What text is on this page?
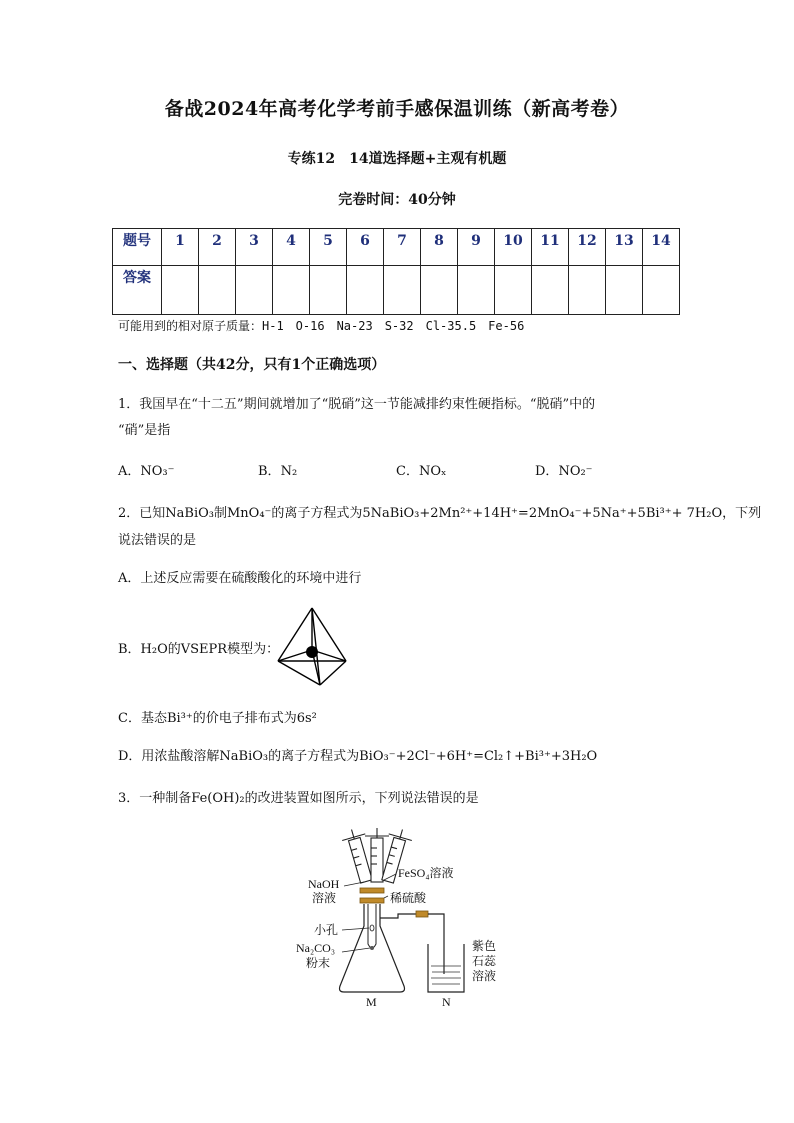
备战2024年高考化学考前手感保温训练（新高考卷）
专练12　14道选择题+主观有机题
完卷时间：40分钟
题号	1	2	3	4	5	6	7	8	9	10	11	12	13	14
答案														
可能用到的相对原子质量：H-1　O-16　Na-23　S-32　Cl-35.5　Fe-56
一、选择题（共42分，只有1个正确选项）
1．我国早在“十二五”期间就增加了“脱硝”这一节能减排约束性硬指标。“脱硝”中的
“硝”是指
A．NO₃⁻	B．N₂	C．NOₓ	D．NO₂⁻
2．已知NaBiO₃制MnO₄⁻的离子方程式为5NaBiO₃+2Mn²⁺+14H⁺=2MnO₄⁻+5Na⁺+5Bi³⁺+ 7H₂O，下列
说法错误的是
A．上述反应需要在硫酸酸化的环境中进行
B．H₂O的VSEPR模型为：
C．基态Bi³⁺的价电子排布式为6s²
D．用浓盐酸溶解NaBiO₃的离子方程式为BiO₃⁻+2Cl⁻+6H⁺=Cl₂↑+Bi³⁺+3H₂O
3．一种制备Fe(OH)₂的改进装置如图所示，下列说法错误的是
FeSO₄溶液
NaOH
溶液	稀硫酸
小孔
Na₂CO₃
粉末
紫色
石蕊
溶液
M	N
